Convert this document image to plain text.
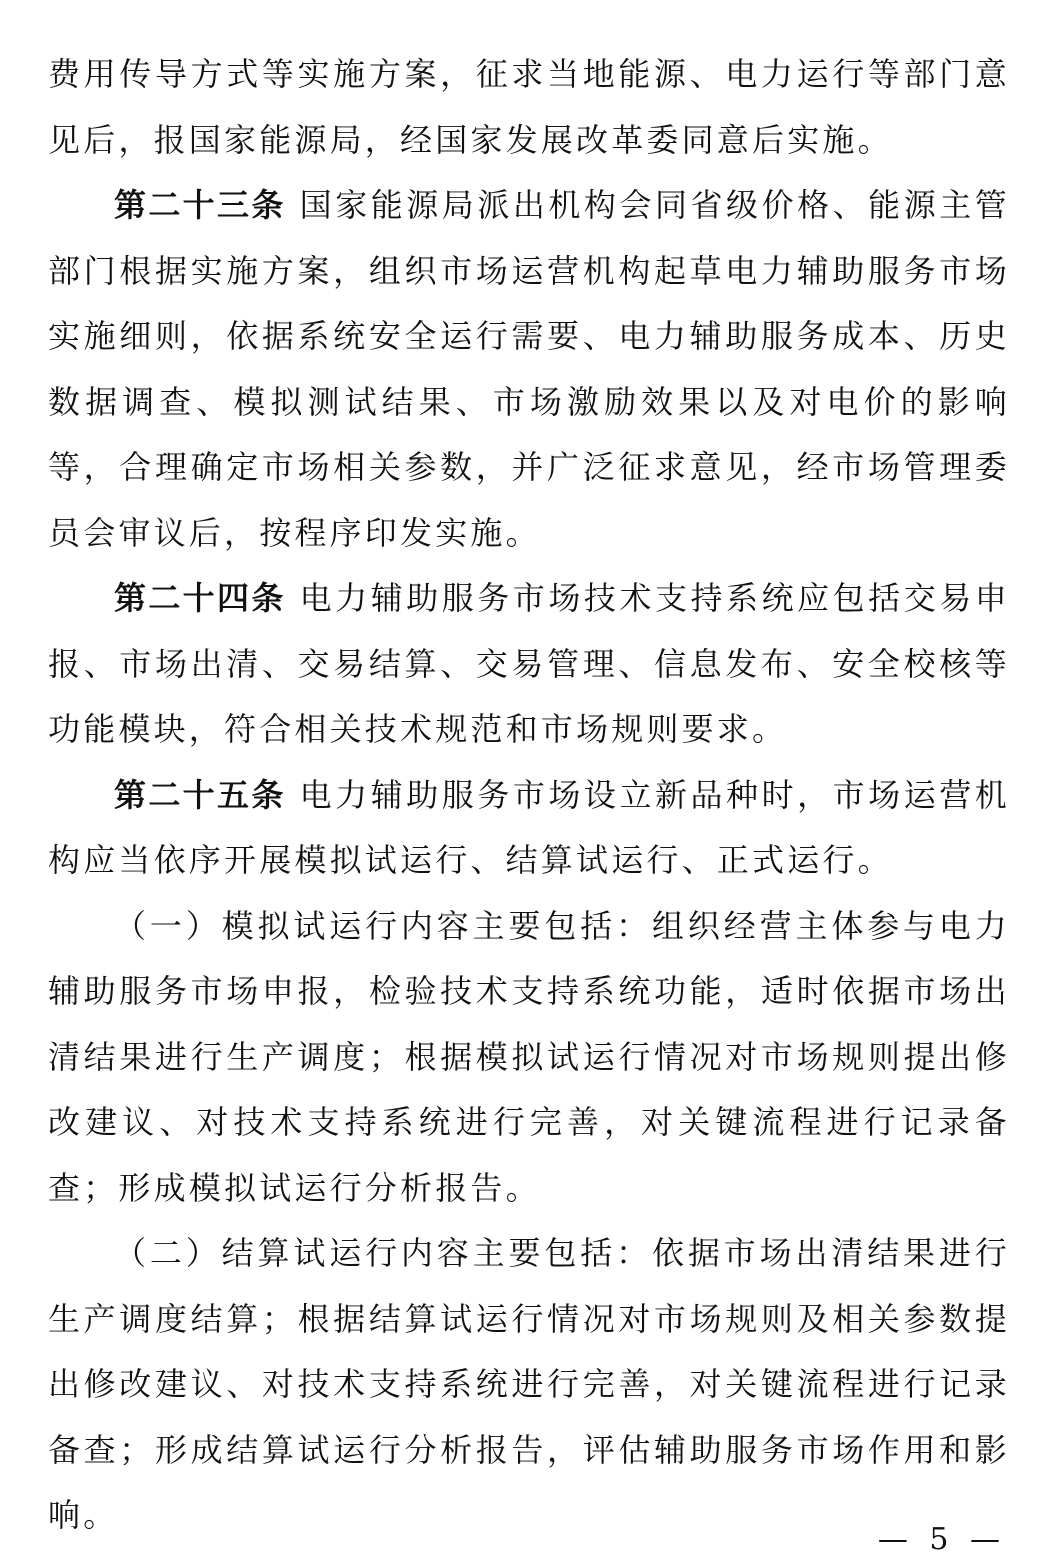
费用传导方式等实施方案，征求当地能源、电力运行等部门意见后，报国家能源局，经国家发展改革委同意后实施。

第二十三条 国家能源局派出机构会同省级价格、能源主管部门根据实施方案，组织市场运营机构起草电力辅助服务市场实施细则，依据系统安全运行需要、电力辅助服务成本、历史数据调查、模拟测试结果、市场激励效果以及对电价的影响等，合理确定市场相关参数，并广泛征求意见，经市场管理委员会审议后，按程序印发实施。

第二十四条 电力辅助服务市场技术支持系统应包括交易申报、市场出清、交易结算、交易管理、信息发布、安全校核等功能模块，符合相关技术规范和市场规则要求。

第二十五条 电力辅助服务市场设立新品种时，市场运营机构应当依序开展模拟试运行、结算试运行、正式运行。

（一）模拟试运行内容主要包括：组织经营主体参与电力辅助服务市场申报，检验技术支持系统功能，适时依据市场出清结果进行生产调度；根据模拟试运行情况对市场规则提出修改建议、对技术支持系统进行完善，对关键流程进行记录备查；形成模拟试运行分析报告。

（二）结算试运行内容主要包括：依据市场出清结果进行生产调度结算；根据结算试运行情况对市场规则及相关参数提出修改建议、对技术支持系统进行完善，对关键流程进行记录备查；形成结算试运行分析报告，评估辅助服务市场作用和影响。

— 5 —
